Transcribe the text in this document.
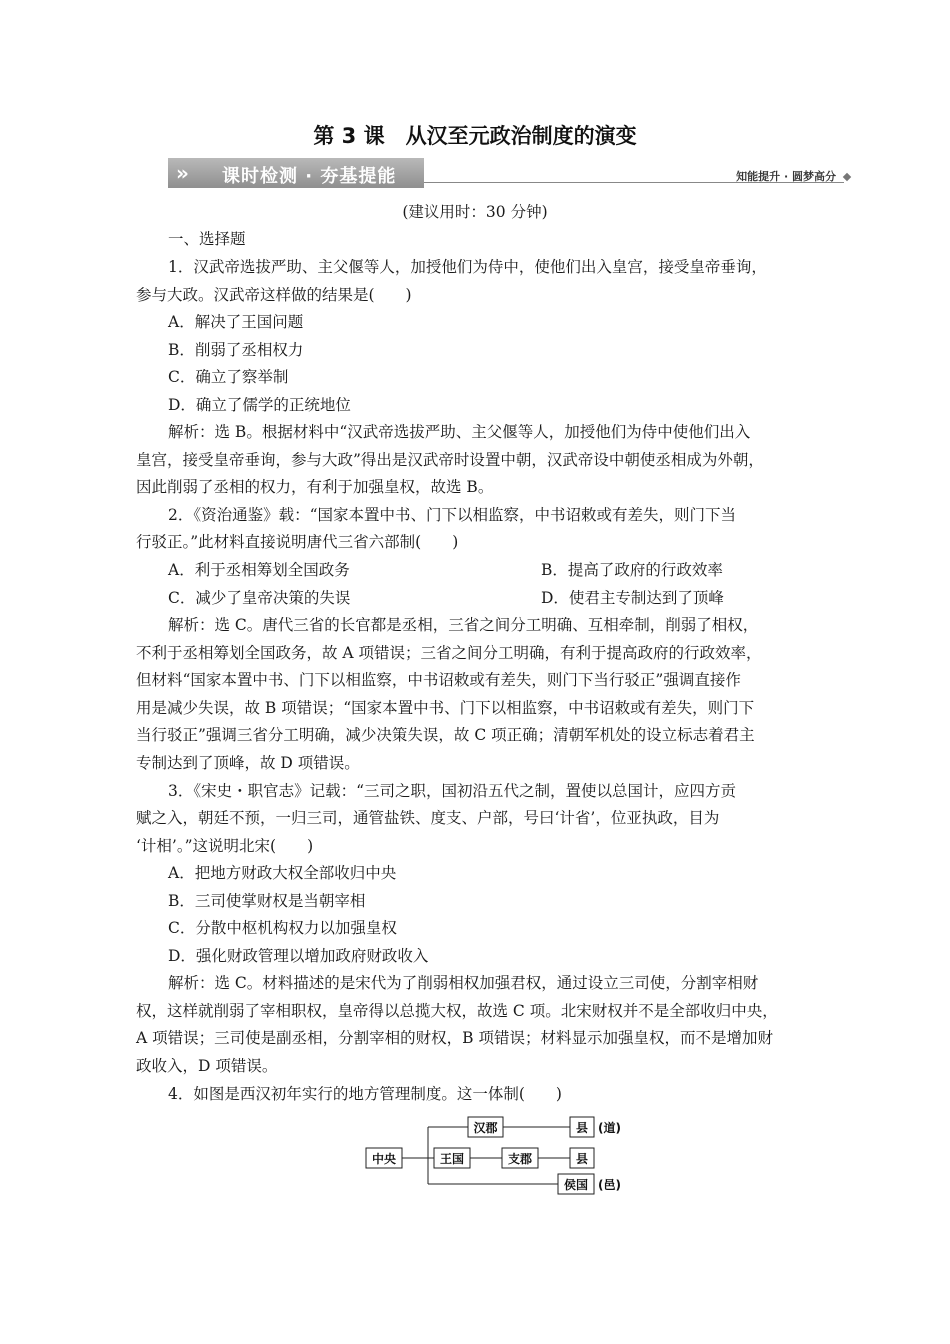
第 3 课　从汉至元政治制度的演变
» 课时检测 · 夯基提能	知能提升 · 圆梦高分
(建议用时：30 分钟)
一、选择题
1．汉武帝选拔严助、主父偃等人，加授他们为侍中，使他们出入皇宫，接受皇帝垂询，
参与大政。汉武帝这样做的结果是(　　)
A．解决了王国问题
B．削弱了丞相权力
C．确立了察举制
D．确立了儒学的正统地位
解析：选 B。根据材料中“汉武帝选拔严助、主父偃等人，加授他们为侍中使他们出入
皇宫，接受皇帝垂询，参与大政”得出是汉武帝时设置中朝，汉武帝设中朝使丞相成为外朝，
因此削弱了丞相的权力，有利于加强皇权，故选 B。
2．《资治通鉴》载：“国家本置中书、门下以相监察，中书诏敕或有差失，则门下当
行驳正。”此材料直接说明唐代三省六部制(　　)
A．利于丞相筹划全国政务	B．提高了政府的行政效率
C．减少了皇帝决策的失误	D．使君主专制达到了顶峰
解析：选 C。唐代三省的长官都是丞相，三省之间分工明确、互相牵制，削弱了相权，
不利于丞相筹划全国政务，故 A 项错误；三省之间分工明确，有利于提高政府的行政效率，
但材料“国家本置中书、门下以相监察，中书诏敕或有差失，则门下当行驳正”强调直接作
用是减少失误，故 B 项错误；“国家本置中书、门下以相监察，中书诏敕或有差失，则门下
当行驳正”强调三省分工明确，减少决策失误，故 C 项正确；清朝军机处的设立标志着君主
专制达到了顶峰，故 D 项错误。
3．《宋史・职官志》记载：“三司之职，国初沿五代之制，置使以总国计，应四方贡
赋之入，朝廷不预，一归三司，通管盐铁、度支、户部，号曰‘计省’，位亚执政，目为
‘计相’。”这说明北宋(　　)
A．把地方财政大权全部收归中央
B．三司使掌财权是当朝宰相
C．分散中枢机构权力以加强皇权
D．强化财政管理以增加政府财政收入
解析：选 C。材料描述的是宋代为了削弱相权加强君权，通过设立三司使，分割宰相财
权，这样就削弱了宰相职权，皇帝得以总揽大权，故选 C 项。北宋财权并不是全部收归中央，
A 项错误；三司使是副丞相，分割宰相的财权，B 项错误；材料显示加强皇权，而不是增加财
政收入，D 项错误。
4．如图是西汉初年实行的地方管理制度。这一体制(　　)
中央
汉郡
王国	支郡
侯国
县
县
(道)
(邑)
